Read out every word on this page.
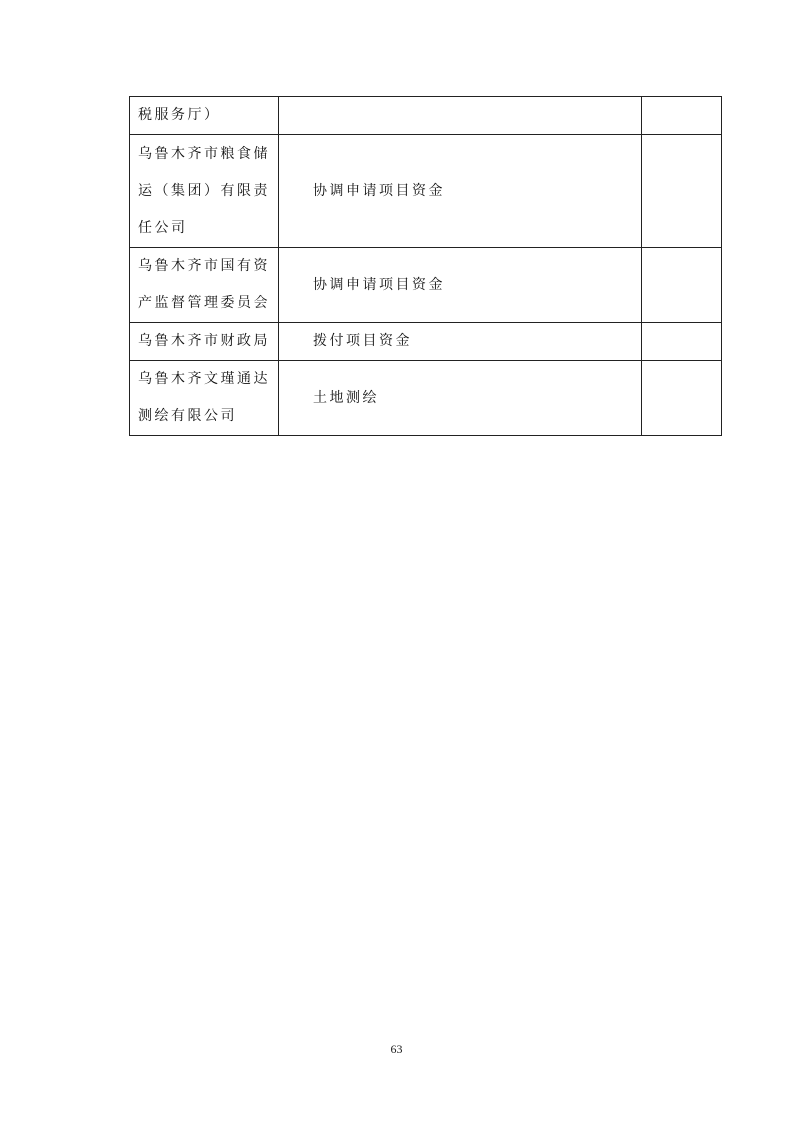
税服务厅）		
乌鲁木齐市粮食储运（集团）有限责任公司	协调申请项目资金	
乌鲁木齐市国有资产监督管理委员会	协调申请项目资金	
乌鲁木齐市财政局	拨付项目资金	
乌鲁木齐文瑾通达测绘有限公司	土地测绘	
63
